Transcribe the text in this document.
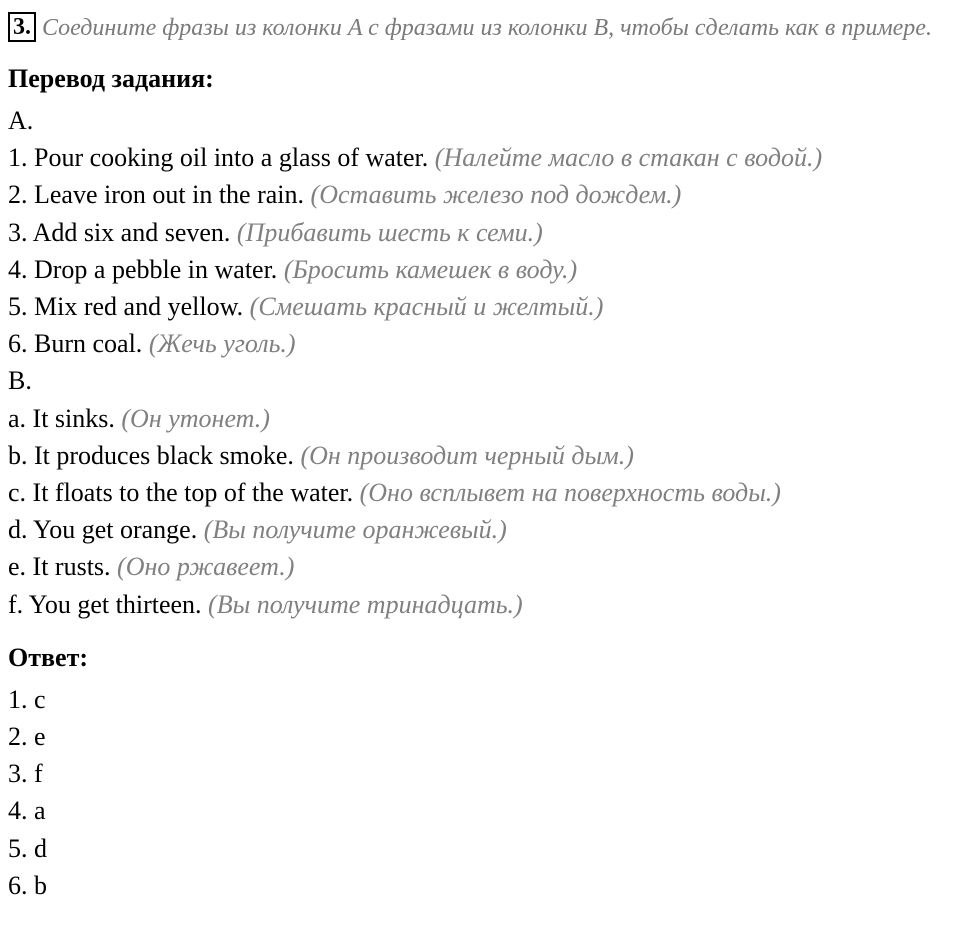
3. Соедините фразы из колонки A с фразами из колонки B, чтобы сделать как в примере.

Перевод задания:

A.
1. Pour cooking oil into a glass of water. (Налейте масло в стакан с водой.)
2. Leave iron out in the rain. (Оставить железо под дождем.)
3. Add six and seven. (Прибавить шесть к семи.)
4. Drop a pebble in water. (Бросить камешек в воду.)
5. Mix red and yellow. (Смешать красный и желтый.)
6. Burn coal. (Жечь уголь.)
B.
a. It sinks. (Он утонет.)
b. It produces black smoke. (Он производит черный дым.)
c. It floats to the top of the water. (Оно всплывет на поверхность воды.)
d. You get orange. (Вы получите оранжевый.)
e. It rusts. (Оно ржавеет.)
f. You get thirteen. (Вы получите тринадцать.)

Ответ:

1. c
2. e
3. f
4. a
5. d
6. b
